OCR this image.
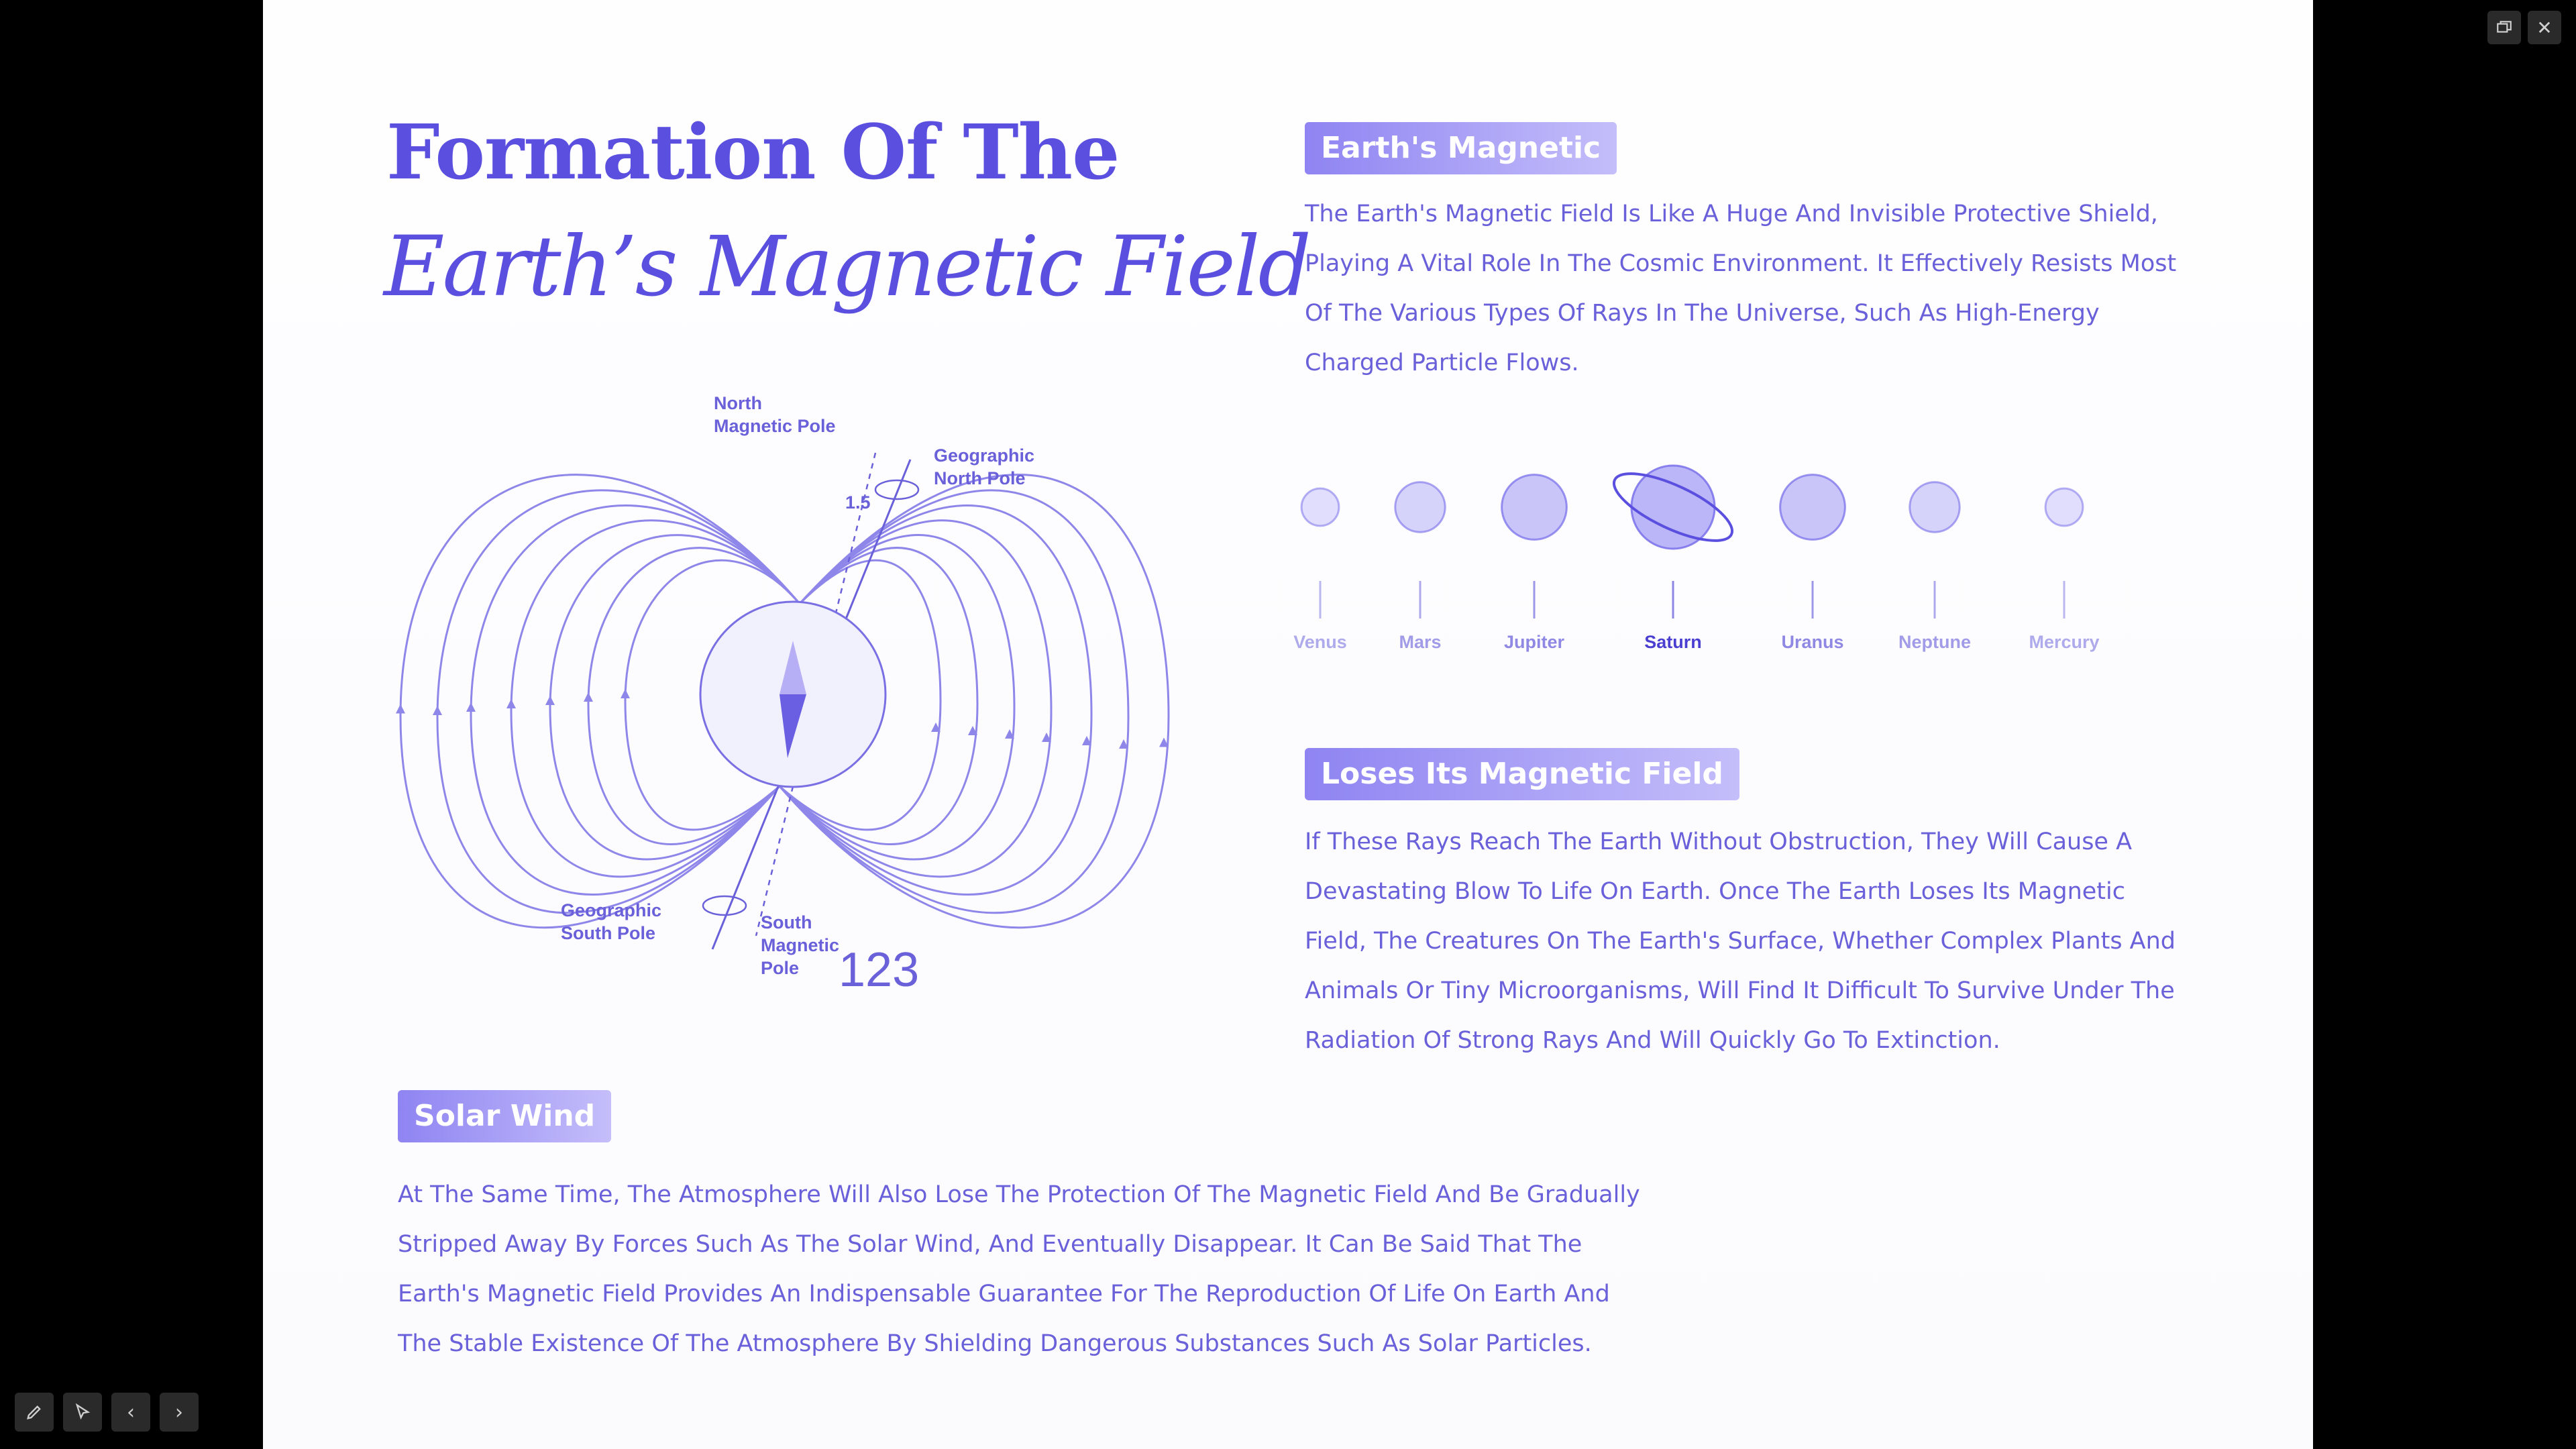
Formation Of The
Earth’s Magnetic Field
North
Magnetic Pole
Geographic
North Pole
1.5
Geographic
South Pole
South
Magnetic
Pole 123
Earth's Magnetic

The Earth's Magnetic Field Is Like A Huge And Invisible Protective Shield,

Playing A Vital Role In The Cosmic Environment. It Effectively Resists Most

Of The Various Types Of Rays In The Universe, Such As High-Energy

Charged Particle Flows.

Venus	Mars	Jupiter	Saturn	Uranus	Neptune	Mercury
Loses Its Magnetic Field

If These Rays Reach The Earth Without Obstruction, They Will Cause A

Devastating Blow To Life On Earth. Once The Earth Loses Its Magnetic

Field, The Creatures On The Earth's Surface, Whether Complex Plants And

Animals Or Tiny Microorganisms, Will Find It Difficult To Survive Under The

Radiation Of Strong Rays And Will Quickly Go To Extinction.

Solar Wind

At The Same Time, The Atmosphere Will Also Lose The Protection Of The Magnetic Field And Be Gradually

Stripped Away By Forces Such As The Solar Wind, And Eventually Disappear. It Can Be Said That The

Earth's Magnetic Field Provides An Indispensable Guarantee For The Reproduction Of Life On Earth And

The Stable Existence Of The Atmosphere By Shielding Dangerous Substances Such As Solar Particles.

‹ ›
✕
